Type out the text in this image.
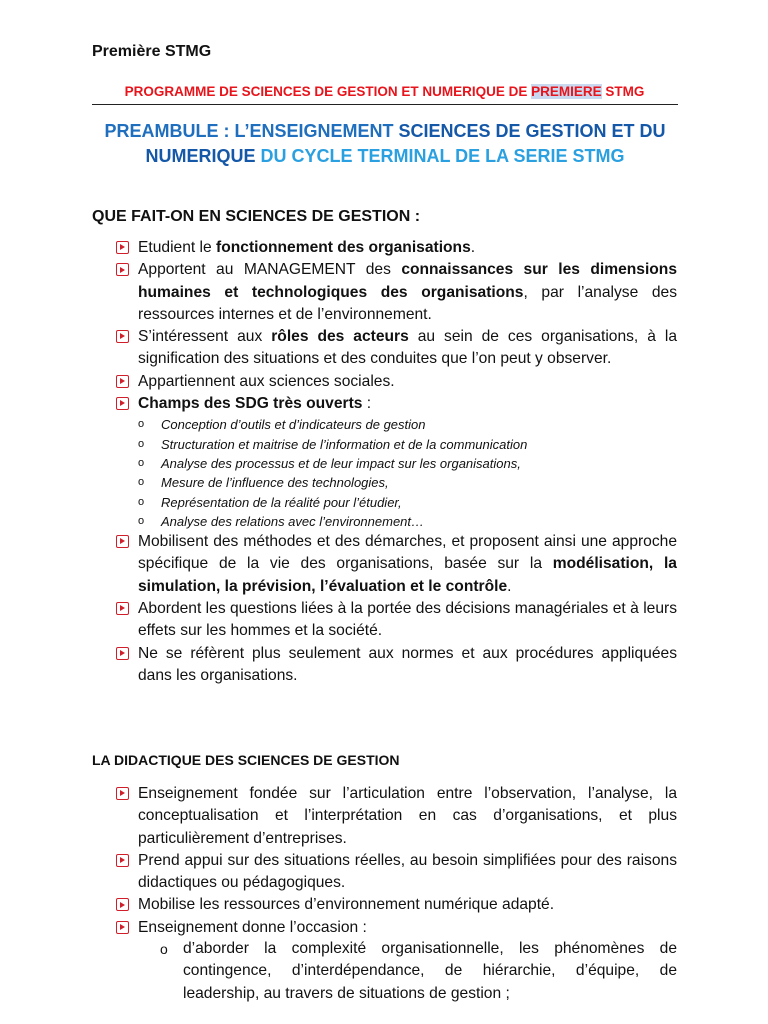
Première STMG
PROGRAMME DE SCIENCES DE GESTION ET NUMERIQUE DE PREMIERE STMG
PREAMBULE : L’ENSEIGNEMENT SCIENCES DE GESTION ET DU NUMERIQUE DU CYCLE TERMINAL DE LA SERIE STMG
QUE FAIT-ON EN SCIENCES DE GESTION :
Etudient le fonctionnement des organisations.
Apportent au MANAGEMENT des connaissances sur les dimensions humaines et technologiques des organisations, par l’analyse des ressources internes et de l’environnement.
S’intéressent aux rôles des acteurs au sein de ces organisations, à la signification des situations et des conduites que l’on peut y observer.
Appartiennent aux sciences sociales.
Champs des SDG très ouverts :
o Conception d’outils et d’indicateurs de gestion
o Structuration et maitrise de l’information et de la communication
o Analyse des processus et de leur impact sur les organisations,
o Mesure de l’influence des technologies,
o Représentation de la réalité pour l’étudier,
o Analyse des relations avec l’environnement…
Mobilisent des méthodes et des démarches, et proposent ainsi une approche spécifique de la vie des organisations, basée sur la modélisation, la simulation, la prévision, l’évaluation et le contrôle.
Abordent les questions liées à la portée des décisions managériales et à leurs effets sur les hommes et la société.
Ne se réfèrent plus seulement aux normes et aux procédures appliquées dans les organisations.
LA DIDACTIQUE DES SCIENCES DE GESTION
Enseignement fondée sur l’articulation entre l’observation, l’analyse, la conceptualisation et l’interprétation en cas d’organisations, et plus particulièrement d’entreprises.
Prend appui sur des situations réelles, au besoin simplifiées pour des raisons didactiques ou pédagogiques.
Mobilise les ressources d’environnement numérique adapté.
Enseignement donne l’occasion :
o d’aborder la complexité organisationnelle, les phénomènes de contingence, d’interdépendance, de hiérarchie, d’équipe, de leadership, au travers de situations de gestion ;
